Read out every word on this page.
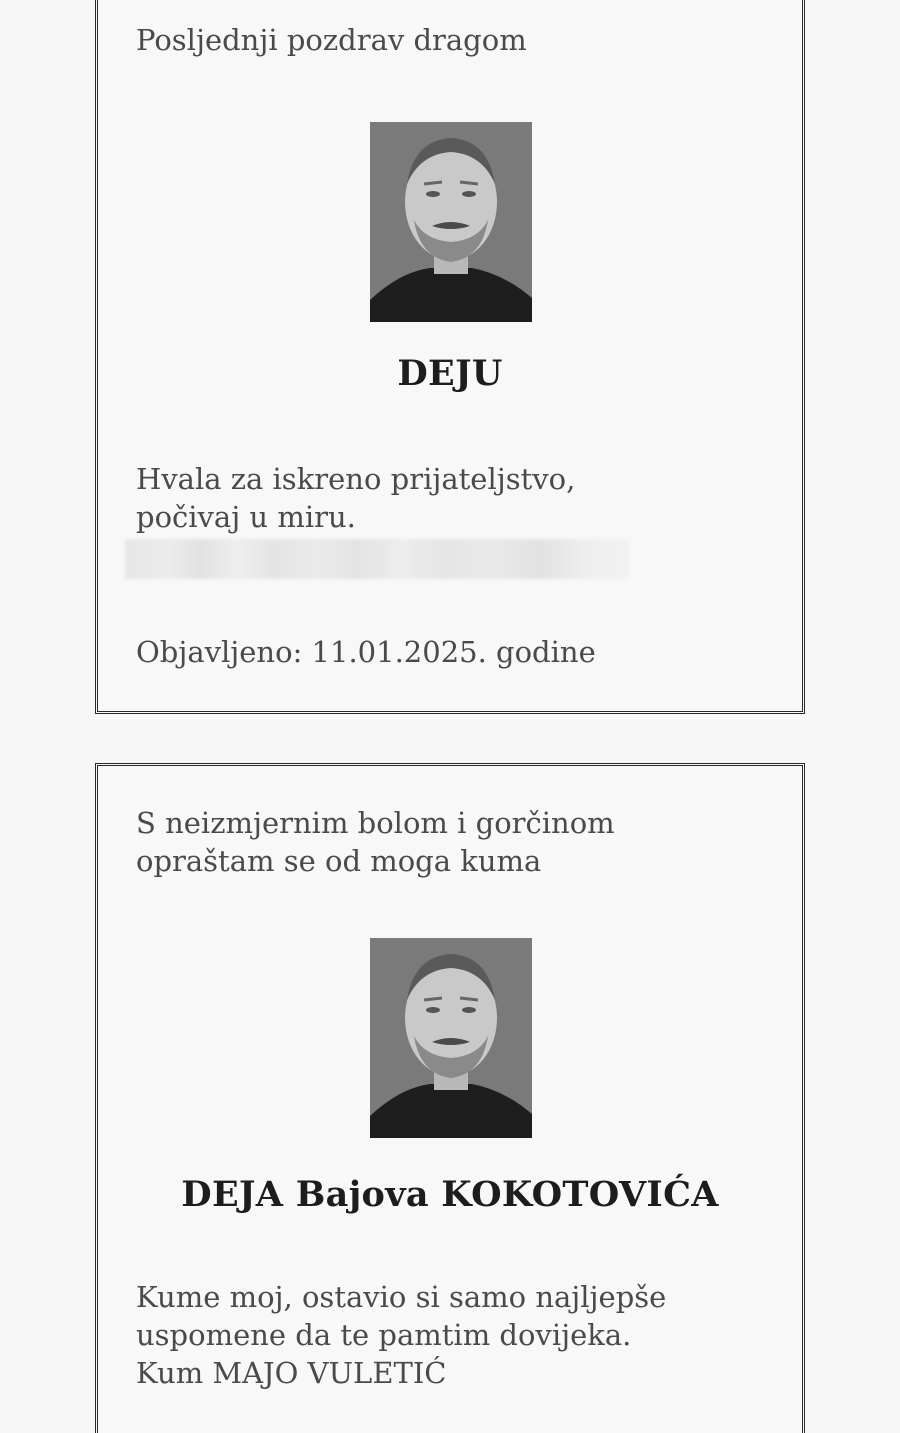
Posljednji pozdrav dragom
DEJU
Hvala za iskreno prijateljstvo,
počivaj u miru.
Objavljeno: 11.01.2025. godine
S neizmjernim bolom i gorčinom
opraštam se od moga kuma
DEJA Bajova KOKOTOVIĆA
Kume moj, ostavio si samo najljepše
uspomene da te pamtim dovijeka.
Kum MAJO VULETIĆ
